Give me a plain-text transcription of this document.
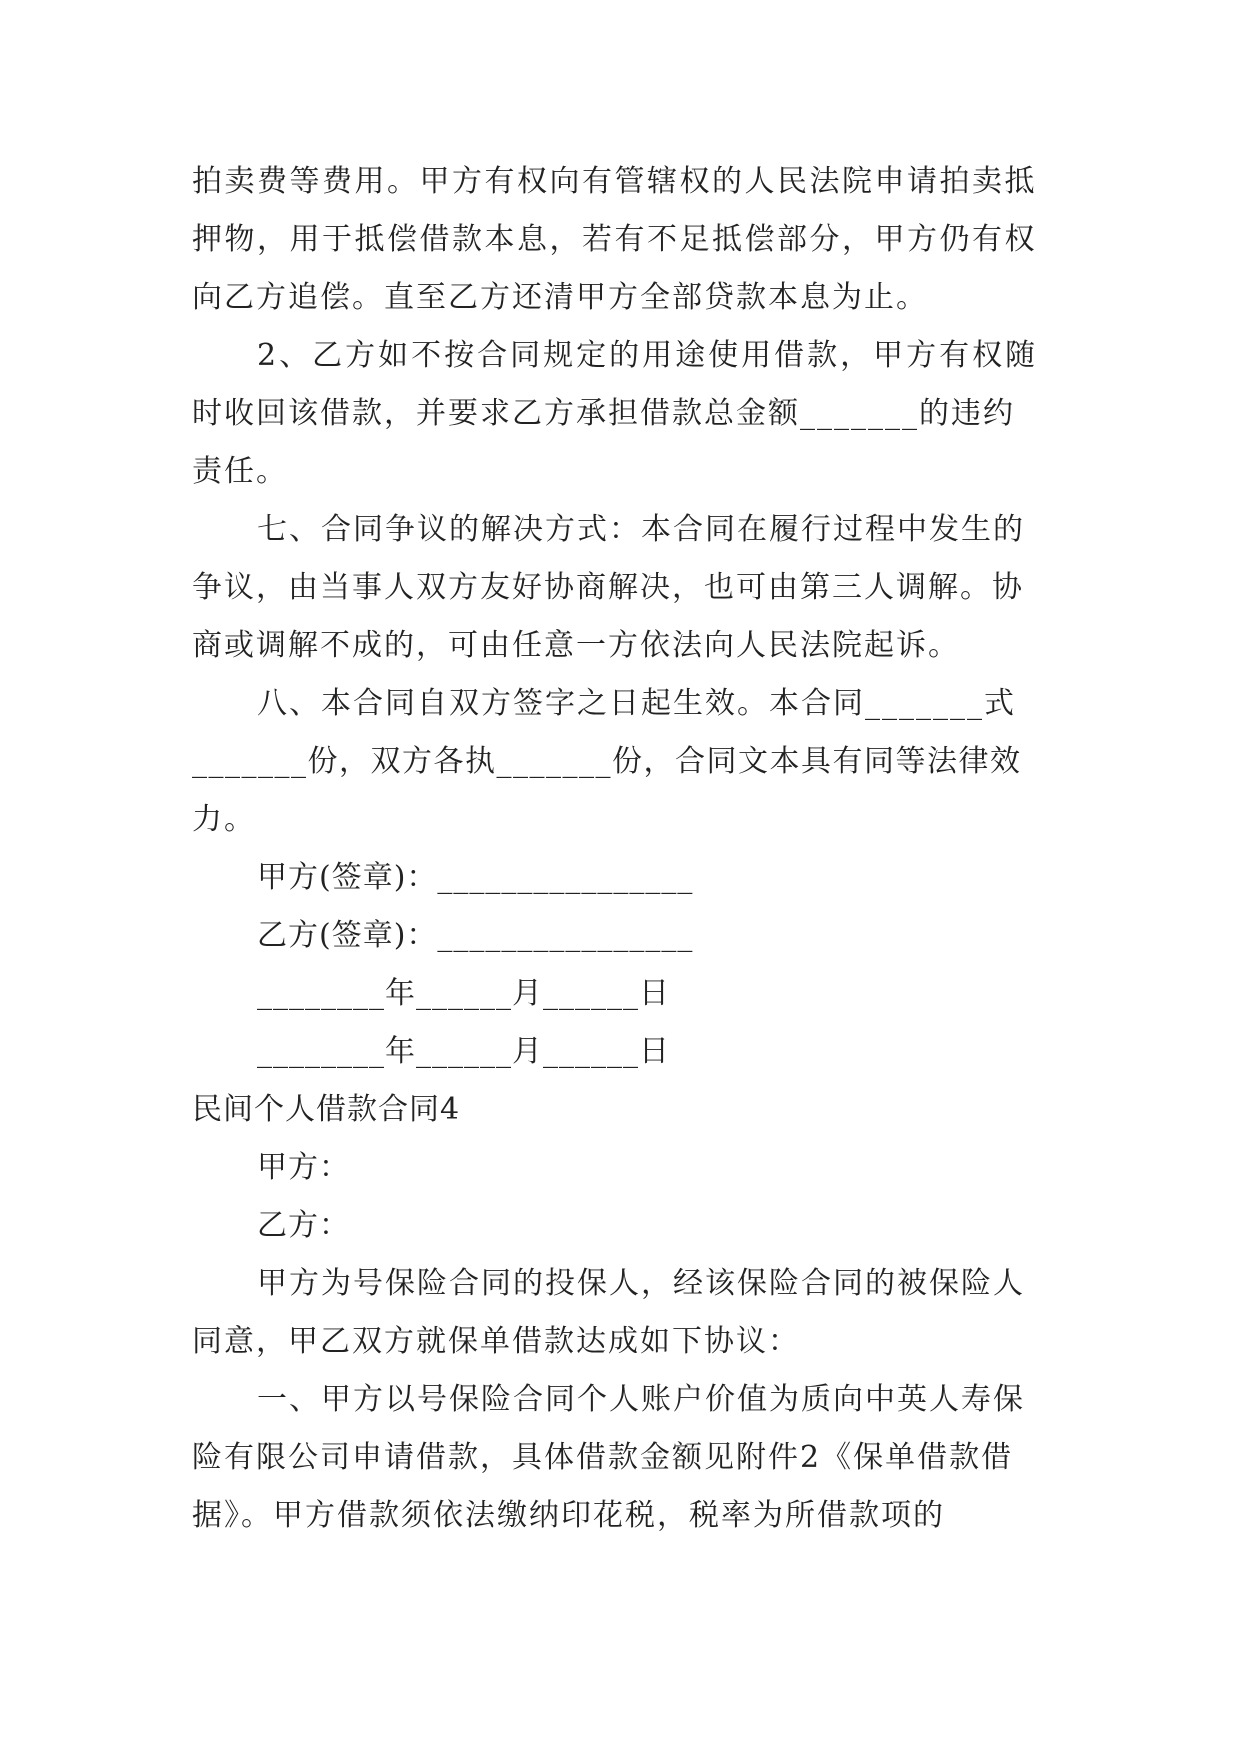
拍卖费等费用。甲方有权向有管辖权的人民法院申请拍卖抵
押物，用于抵偿借款本息，若有不足抵偿部分，甲方仍有权
向乙方追偿。直至乙方还清甲方全部贷款本息为止。
2、乙方如不按合同规定的用途使用借款，甲方有权随
时收回该借款，并要求乙方承担借款总金额_______的违约
责任。
七、合同争议的解决方式：本合同在履行过程中发生的
争议，由当事人双方友好协商解决，也可由第三人调解。协
商或调解不成的，可由任意一方依法向人民法院起诉。
八、本合同自双方签字之日起生效。本合同_______式
_______份，双方各执_______份，合同文本具有同等法律效
力。
甲方(签章)：________________
乙方(签章)：________________
________年______月______日
________年______月______日
民间个人借款合同4
甲方：
乙方：
甲方为号保险合同的投保人，经该保险合同的被保险人
同意，甲乙双方就保单借款达成如下协议：
一、甲方以号保险合同个人账户价值为质向中英人寿保
险有限公司申请借款，具体借款金额见附件2《保单借款借
据》。甲方借款须依法缴纳印花税，税率为所借款项的
